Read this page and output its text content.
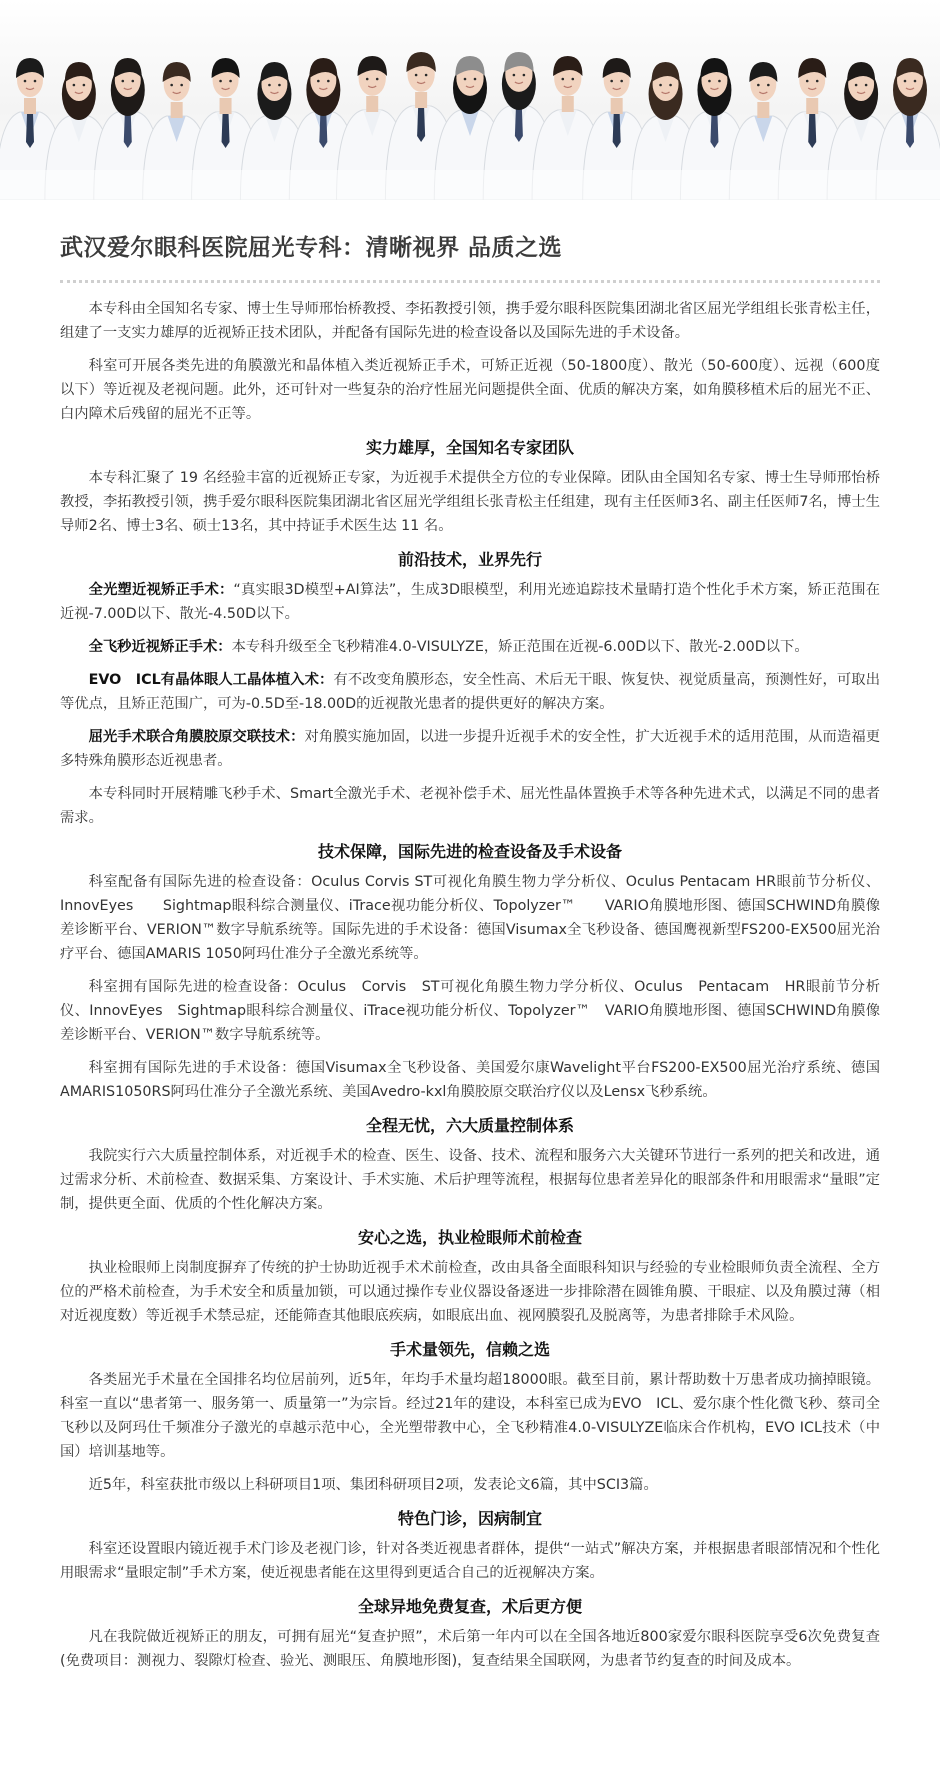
武汉爱尔眼科医院屈光专科：清晰视界 品质之选

本专科由全国知名专家、博士生导师邢怡桥教授、李拓教授引领，携手爱尔眼科医院集团湖北省区屈光学组组长张青松主任，组建了一支实力雄厚的近视矫正技术团队，并配备有国际先进的检查设备以及国际先进的手术设备。

科室可开展各类先进的角膜激光和晶体植入类近视矫正手术，可矫正近视（50-1800度）、散光（50-600度）、远视（600度以下）等近视及老视问题。此外，还可针对一些复杂的治疗性屈光问题提供全面、优质的解决方案，如角膜移植术后的屈光不正、白内障术后残留的屈光不正等。

实力雄厚，全国知名专家团队

本专科汇聚了 19 名经验丰富的近视矫正专家，为近视手术提供全方位的专业保障。团队由全国知名专家、博士生导师邢怡桥教授，李拓教授引领，携手爱尔眼科医院集团湖北省区屈光学组组长张青松主任组建，现有主任医师3名、副主任医师7名，博士生导师2名、博士3名、硕士13名，其中持证手术医生达 11 名。

前沿技术，业界先行

全光塑近视矫正手术：“真实眼3D模型+AI算法”，生成3D眼模型，利用光迹追踪技术量睛打造个性化手术方案，矫正范围在近视-7.00D以下、散光-4.50D以下。

全飞秒近视矫正手术：本专科升级至全飞秒精准4.0-VISULYZE，矫正范围在近视-6.00D以下、散光-2.00D以下。

EVO　ICL有晶体眼人工晶体植入术：有不改变角膜形态，安全性高、术后无干眼、恢复快、视觉质量高，预测性好，可取出等优点，且矫正范围广，可为-0.5D至-18.00D的近视散光患者的提供更好的解决方案。

屈光手术联合角膜胶原交联技术：对角膜实施加固，以进一步提升近视手术的安全性，扩大近视手术的适用范围，从而造福更多特殊角膜形态近视患者。

本专科同时开展精雕飞秒手术、Smart全激光手术、老视补偿手术、屈光性晶体置换手术等各种先进术式，以满足不同的患者需求。

技术保障，国际先进的检查设备及手术设备

科室配备有国际先进的检查设备：Oculus Corvis ST可视化角膜生物力学分析仪、Oculus Pentacam HR眼前节分析仪、InnovEyes　　Sightmap眼科综合测量仪、iTrace视功能分析仪、Topolyzer™　　VARIO角膜地形图、德国SCHWIND角膜像差诊断平台、VERION™数字导航系统等。国际先进的手术设备：德国Visumax全飞秒设备、德国鹰视新型FS200-EX500屈光治疗平台、德国AMARIS 1050阿玛仕准分子全激光系统等。

科室拥有国际先进的检查设备：Oculus　Corvis　ST可视化角膜生物力学分析仪、Oculus　Pentacam　HR眼前节分析仪、InnovEyes　Sightmap眼科综合测量仪、iTrace视功能分析仪、Topolyzer™　VARIO角膜地形图、德国SCHWIND角膜像差诊断平台、VERION™数字导航系统等。

科室拥有国际先进的手术设备：德国Visumax全飞秒设备、美国爱尔康Wavelight平台FS200-EX500屈光治疗系统、德国AMARIS1050RS阿玛仕准分子全激光系统、美国Avedro-kxl角膜胶原交联治疗仪以及Lensx飞秒系统。

全程无忧，六大质量控制体系

我院实行六大质量控制体系，对近视手术的检查、医生、设备、技术、流程和服务六大关键环节进行一系列的把关和改进，通过需求分析、术前检查、数据采集、方案设计、手术实施、术后护理等流程，根据每位患者差异化的眼部条件和用眼需求“量眼”定制，提供更全面、优质的个性化解决方案。

安心之选，执业检眼师术前检查

执业检眼师上岗制度摒弃了传统的护士协助近视手术术前检查，改由具备全面眼科知识与经验的专业检眼师负责全流程、全方位的严格术前检查，为手术安全和质量加锁，可以通过操作专业仪器设备逐进一步排除潜在圆锥角膜、干眼症、以及角膜过薄（相对近视度数）等近视手术禁忌症，还能筛查其他眼底疾病，如眼底出血、视网膜裂孔及脱离等，为患者排除手术风险。

手术量领先，信赖之选

各类屈光手术量在全国排名均位居前列，近5年，年均手术量均超18000眼。截至目前，累计帮助数十万患者成功摘掉眼镜。科室一直以“患者第一、服务第一、质量第一”为宗旨。经过21年的建设，本科室已成为EVO　ICL、爱尔康个性化微飞秒、蔡司全飞秒以及阿玛仕千频准分子激光的卓越示范中心，全光塑带教中心，全飞秒精准4.0-VISULYZE临床合作机构，EVO ICL技术（中国）培训基地等。

近5年，科室获批市级以上科研项目1项、集团科研项目2项，发表论文6篇，其中SCI3篇。

特色门诊，因病制宜

科室还设置眼内镜近视手术门诊及老视门诊，针对各类近视患者群体，提供“一站式”解决方案，并根据患者眼部情况和个性化用眼需求“量眼定制”手术方案，使近视患者能在这里得到更适合自己的近视解决方案。

全球异地免费复查，术后更方便

凡在我院做近视矫正的朋友，可拥有屈光“复查护照”，术后第一年内可以在全国各地近800家爱尔眼科医院享受6次免费复查(免费项目：测视力、裂隙灯检查、验光、测眼压、角膜地形图)，复查结果全国联网，为患者节约复查的时间及成本。
